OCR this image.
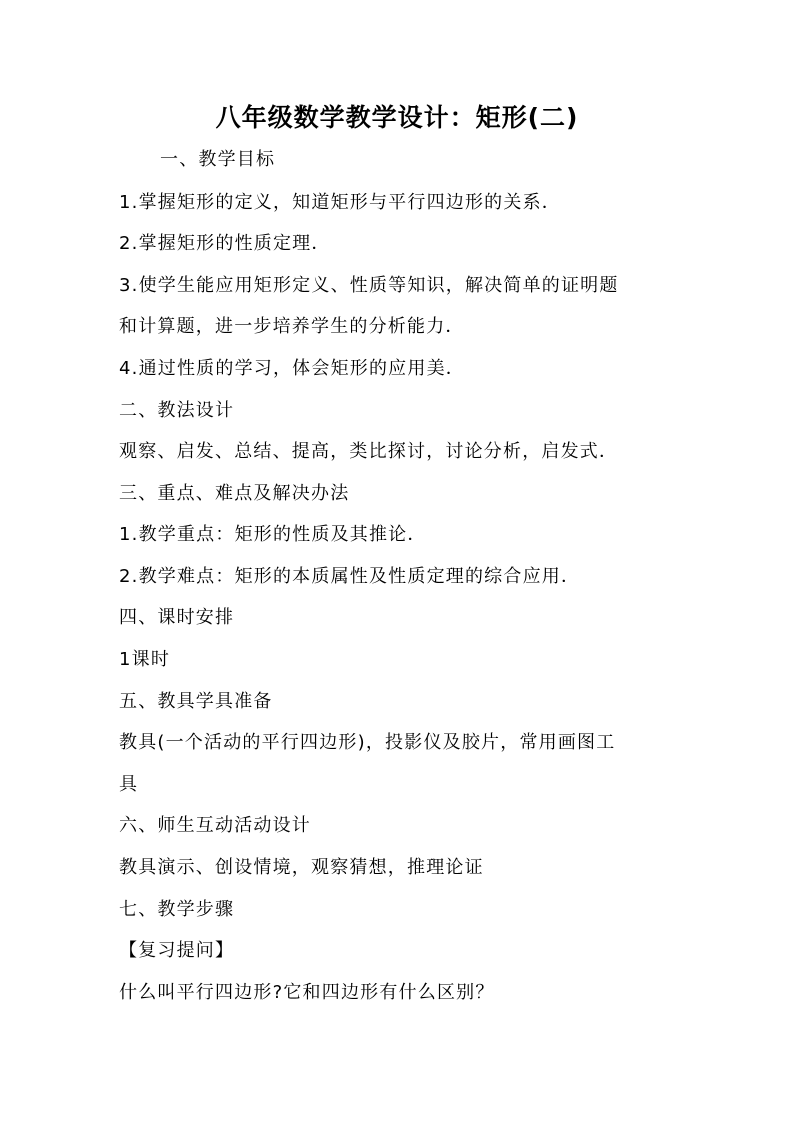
八年级数学教学设计：矩形(二)
一、教学目标
1.掌握矩形的定义，知道矩形与平行四边形的关系．
2.掌握矩形的性质定理．
3.使学生能应用矩形定义、性质等知识，解决简单的证明题
和计算题，进一步培养学生的分析能力．
4.通过性质的学习，体会矩形的应用美．
二、教法设计
观察、启发、总结、提高，类比探讨，讨论分析，启发式．
三、重点、难点及解决办法
1.教学重点：矩形的性质及其推论．
2.教学难点：矩形的本质属性及性质定理的综合应用．
四、课时安排
1课时
五、教具学具准备
教具(一个活动的平行四边形)，投影仪及胶片，常用画图工
具
六、师生互动活动设计
教具演示、创设情境，观察猜想，推理论证
七、教学步骤
【复习提问】
什么叫平行四边形?它和四边形有什么区别？
